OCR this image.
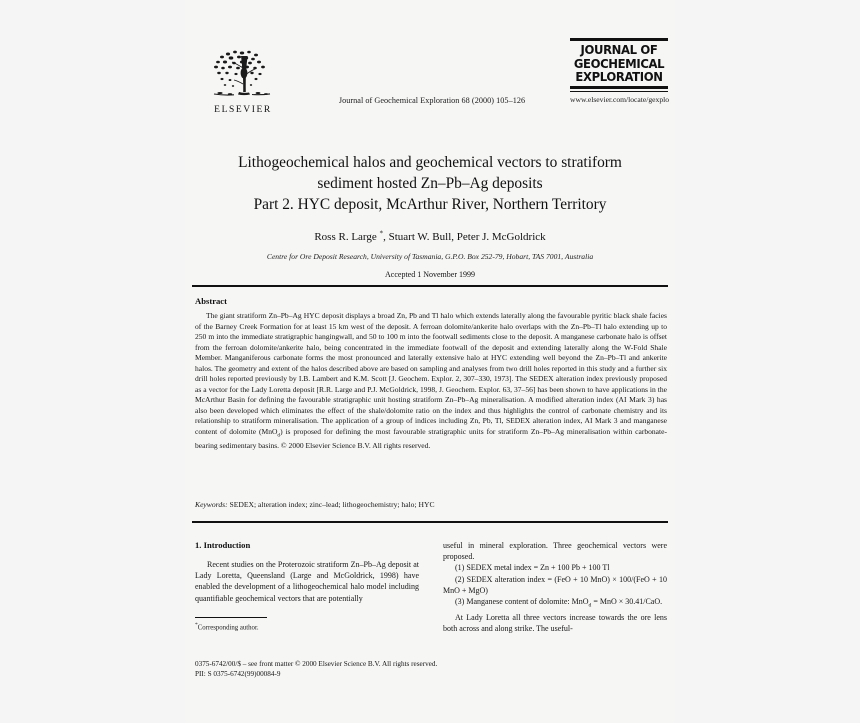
ELSEVIER
Journal of Geochemical Exploration 68 (2000) 105–126
JOURNAL OF
GEOCHEMICAL
EXPLORATION
www.elsevier.com/locate/gexplo
Lithogeochemical halos and geochemical vectors to stratiform
sediment hosted Zn–Pb–Ag deposits
Part 2. HYC deposit, McArthur River, Northern Territory
Ross R. Large *, Stuart W. Bull, Peter J. McGoldrick
Centre for Ore Deposit Research, University of Tasmania, G.P.O. Box 252-79, Hobart, TAS 7001, Australia
Accepted 1 November 1999
Abstract

The giant stratiform Zn–Pb–Ag HYC deposit displays a broad Zn, Pb and Tl halo which extends laterally along the favourable pyritic black shale facies of the Barney Creek Formation for at least 15 km west of the deposit. A ferroan dolomite/ankerite halo overlaps with the Zn–Pb–Tl halo extending up to 250 m into the immediate stratigraphic hangingwall, and 50 to 100 m into the footwall sediments close to the deposit. A manganese carbonate halo is offset from the ferroan dolomite/ankerite halo, being concentrated in the immediate footwall of the deposit and extending laterally along the W-Fold Shale Member. Manganiferous carbonate forms the most pronounced and laterally extensive halo at HYC extending well beyond the Zn–Pb–Tl and ankerite halos. The geometry and extent of the halos described above are based on sampling and analyses from two drill holes reported in this study and a further six drill holes reported previously by I.B. Lambert and K.M. Scott [J. Geochem. Explor. 2, 307–330, 1973]. The SEDEX alteration index previously proposed as a vector for the Lady Loretta deposit [R.R. Large and P.J. McGoldrick, 1998, J. Geochem. Explor. 63, 37–56] has been shown to have applications in the McArthur Basin for defining the favourable stratigraphic unit hosting stratiform Zn–Pb–Ag mineralisation. A modified alteration index (AI Mark 3) has also been developed which eliminates the effect of the shale/dolomite ratio on the index and thus highlights the control of carbonate chemistry and its relationship to stratiform mineralisation. The application of a group of indices including Zn, Pb, Tl, SEDEX alteration index, AI Mark 3 and manganese content of dolomite (MnO$_d$) is proposed for defining the most favourable stratigraphic units for stratiform Zn–Pb–Ag mineralisation within carbonate-bearing sedimentary basins. © 2000 Elsevier Science B.V. All rights reserved.

Keywords: SEDEX; alteration index; zinc–lead; lithogeochemistry; halo; HYC
1. Introduction

Recent studies on the Proterozoic stratiform Zn–Pb–Ag deposit at Lady Loretta, Queensland (Large and McGoldrick, 1998) have enabled the development of a lithogeochemical halo model including quantifiable geochemical vectors that are potentially

*Corresponding author.

useful in mineral exploration. Three geochemical vectors were proposed.

(1) SEDEX metal index = Zn + 100 Pb + 100 Tl

(2) SEDEX alteration index = (FeO + 10 MnO) × 100/(FeO + 10 MnO + MgO)

(3) Manganese content of dolomite: MnO$_d$ = MnO × 30.41/CaO.

At Lady Loretta all three vectors increase towards the ore lens both across and along strike. The useful-

0375-6742/00/$ – see front matter © 2000 Elsevier Science B.V. All rights reserved.
PII: S 0375-6742(99)00084-9
